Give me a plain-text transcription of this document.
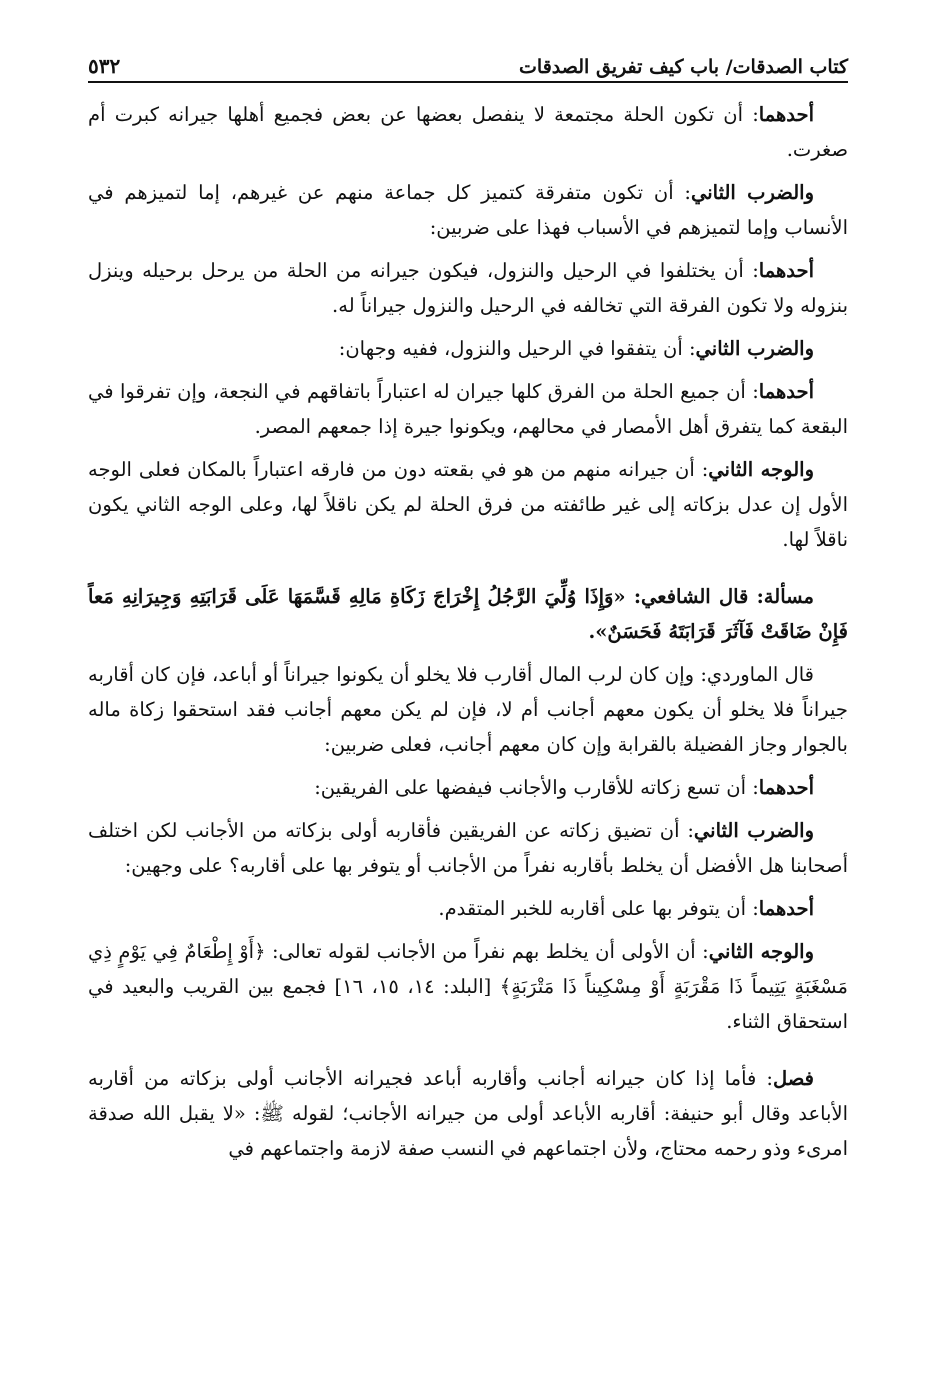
كتاب الصدقات/ باب كيف تفريق الصدقات
٥٣٢

أحدهما: أن تكون الحلة مجتمعة لا ينفصل بعضها عن بعض فجميع أهلها جيرانه كبرت أم صغرت.

والضرب الثاني: أن تكون متفرقة كتميز كل جماعة منهم عن غيرهم، إما لتميزهم في الأنساب وإما لتميزهم في الأسباب فهذا على ضربين:

أحدهما: أن يختلفوا في الرحيل والنزول، فيكون جيرانه من الحلة من يرحل برحيله وينزل بنزوله ولا تكون الفرقة التي تخالفه في الرحيل والنزول جيراناً له.

والضرب الثاني: أن يتفقوا في الرحيل والنزول، ففيه وجهان:

أحدهما: أن جميع الحلة من الفرق كلها جيران له اعتباراً باتفاقهم في النجعة، وإن تفرقوا في البقعة كما يتفرق أهل الأمصار في محالهم، ويكونوا جيرة إذا جمعهم المصر.

والوجه الثاني: أن جيرانه منهم من هو في بقعته دون من فارقه اعتباراً بالمكان فعلى الوجه الأول إن عدل بزكاته إلى غير طائفته من فرق الحلة لم يكن ناقلاً لها، وعلى الوجه الثاني يكون ناقلاً لها.

مسألة: قال الشافعي: «وَإِذَا وُلِّيَ الرَّجُلُ إِخْرَاجَ زَكَاةِ مَالِهِ قَسَّمَهَا عَلَى قَرَابَتِهِ وَجِيرَانِهِ مَعاً فَإِنْ ضَاقَتْ فَآثَرَ قَرَابَتَهُ فَحَسَنٌ».

قال الماوردي: وإن كان لرب المال أقارب فلا يخلو أن يكونوا جيراناً أو أباعد، فإن كان أقاربه جيراناً فلا يخلو أن يكون معهم أجانب أم لا، فإن لم يكن معهم أجانب فقد استحقوا زكاة ماله بالجوار وجاز الفضيلة بالقرابة وإن كان معهم أجانب، فعلى ضربين:

أحدهما: أن تسع زكاته للأقارب والأجانب فيفضها على الفريقين:

والضرب الثاني: أن تضيق زكاته عن الفريقين فأقاربه أولى بزكاته من الأجانب لكن اختلف أصحابنا هل الأفضل أن يخلط بأقاربه نفراً من الأجانب أو يتوفر بها على أقاربه؟ على وجهين:

أحدهما: أن يتوفر بها على أقاربه للخبر المتقدم.

والوجه الثاني: أن الأولى أن يخلط بهم نفراً من الأجانب لقوله تعالى: ﴿أَوْ إِطْعَامٌ فِي يَوْمٍ ذِي مَسْغَبَةٍ يَتِيماً ذَا مَقْرَبَةٍ أَوْ مِسْكِيناً ذَا مَتْرَبَةٍ﴾ [البلد: ١٤، ١٥، ١٦] فجمع بين القريب والبعيد في استحقاق الثناء.

فصل: فأما إذا كان جيرانه أجانب وأقاربه أباعد فجيرانه الأجانب أولى بزكاته من أقاربه الأباعد وقال أبو حنيفة: أقاربه الأباعد أولى من جيرانه الأجانب؛ لقوله ﷺ: «لا يقبل الله صدقة امرىء وذو رحمه محتاج، ولأن اجتماعهم في النسب صفة لازمة واجتماعهم في
